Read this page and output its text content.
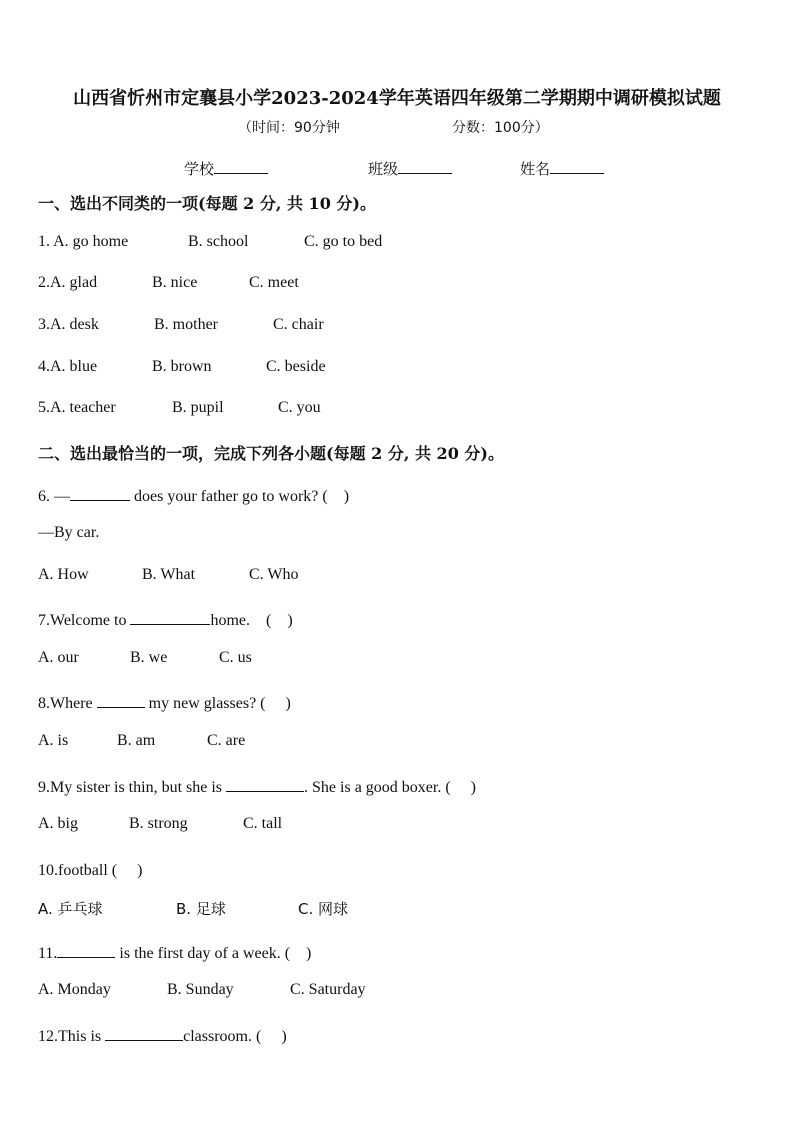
山西省忻州市定襄县小学2023-2024学年英语四年级第二学期期中调研模拟试题
（时间：90分钟	分数：100分）
学校	班级	姓名
一、选出不同类的一项(每题 2 分, 共 10 分)。
1. A. go home	B. school	C. go to bed
2.A. glad	B. nice	C. meet
3.A. desk	B. mother	C. chair
4.A. blue	B. brown	C. beside
5.A. teacher	B. pupil	C. you
二、选出最恰当的一项，完成下列各小题(每题 2 分, 共 20 分)。
6. —	does your father go to work? (　)
—By car.
A. How	B. What	C. Who
7.Welcome to	home.　(　)
A. our	B. we	C. us
8.Where	my new glasses? (　 )
A. is	B. am	C. are
9.My sister is thin, but she is	. She is a good boxer. (　 )
A. big	B. strong	C. tall
10.football (　 )
A. 乒乓球	B. 足球	C. 网球
11.	is the first day of a week. (　)
A. Monday	B. Sunday	C. Saturday
12.This is	classroom. (　 )
